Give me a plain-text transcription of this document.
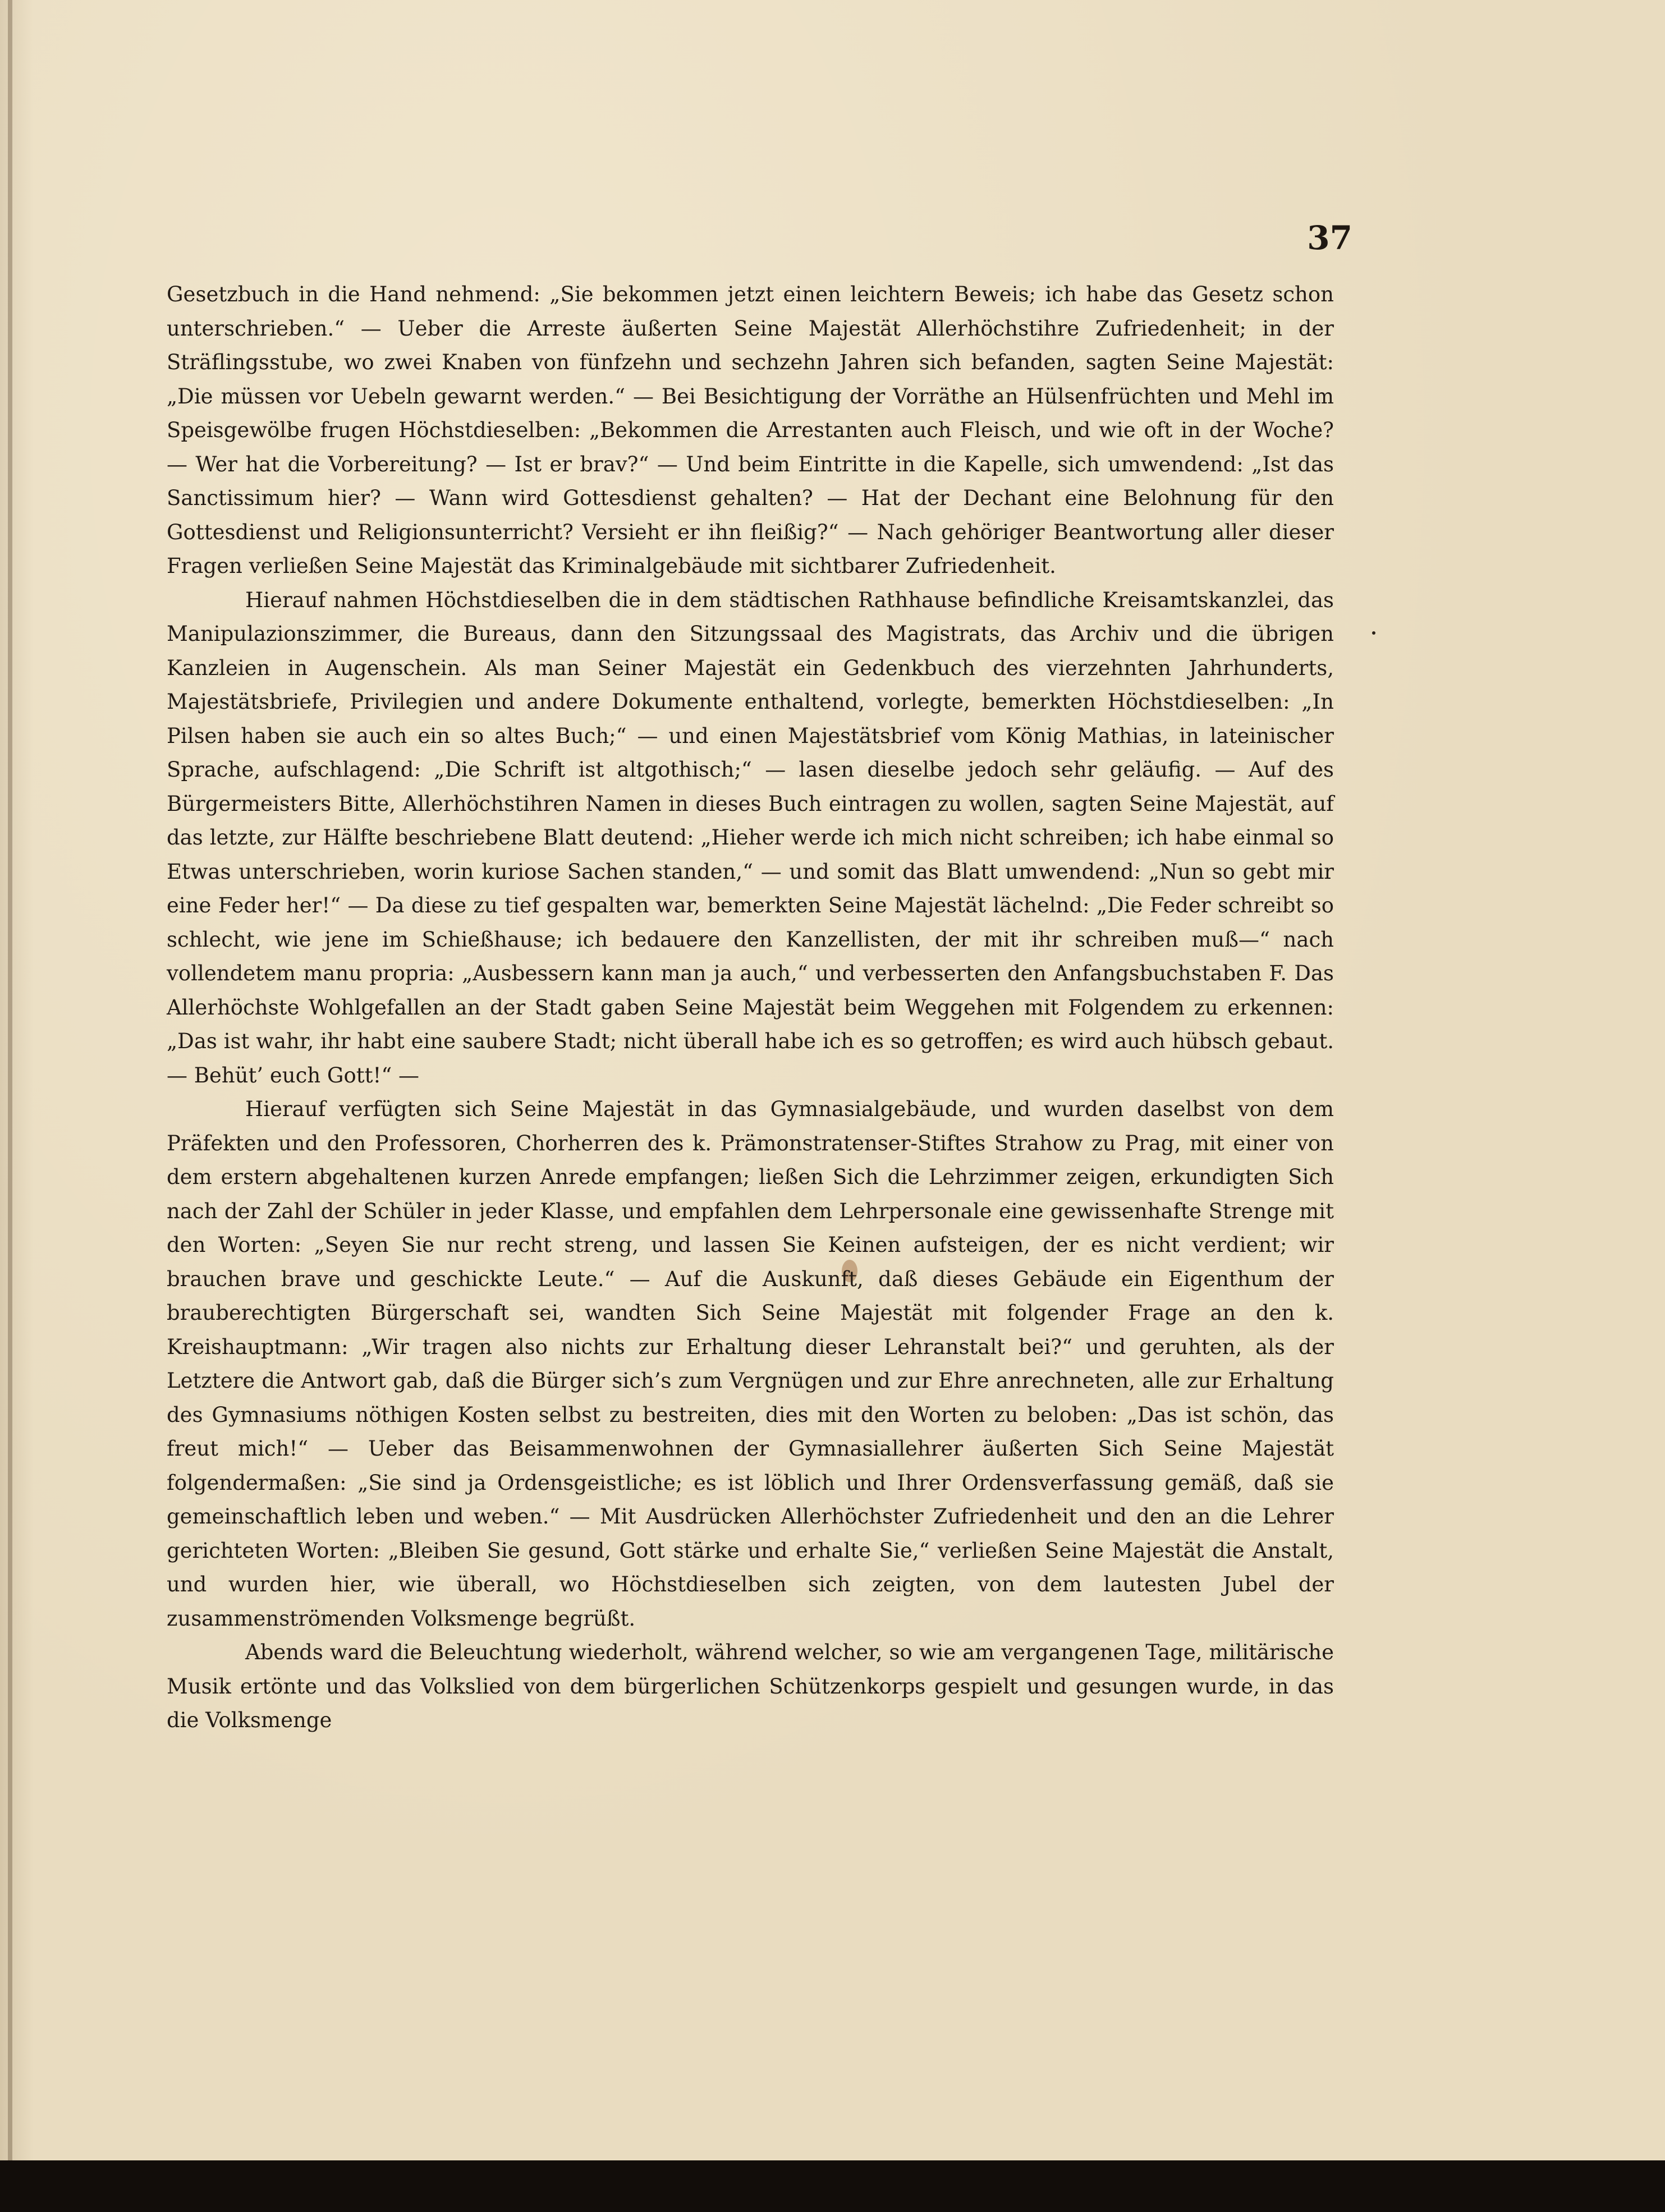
37

Gesetzbuch in die Hand nehmend: „Sie bekommen jetzt einen leichtern Beweis; ich habe das Gesetz schon unterschrieben.“ — Ueber die Arreste äußerten Seine Majestät Allerhöchstihre Zufriedenheit; in der Sträflingsstube, wo zwei Knaben von fünfzehn und sechzehn Jahren sich befanden, sagten Seine Majestät: „Die müssen vor Uebeln gewarnt werden.“ — Bei Besichtigung der Vorräthe an Hülsenfrüchten und Mehl im Speisgewölbe frugen Höchstdieselben: „Bekommen die Arrestanten auch Fleisch, und wie oft in der Woche? — Wer hat die Vorbereitung? — Ist er brav?“ — Und beim Eintritte in die Kapelle, sich umwendend: „Ist das Sanctissimum hier? — Wann wird Gottesdienst gehalten? — Hat der Dechant eine Belohnung für den Gottesdienst und Religionsunterricht? Versieht er ihn fleißig?“ — Nach gehöriger Beantwortung aller dieser Fragen verließen Seine Majestät das Kriminalgebäude mit sichtbarer Zufriedenheit.

Hierauf nahmen Höchstdieselben die in dem städtischen Rathhause befindliche Kreisamtskanzlei, das Manipulazionszimmer, die Bureaus, dann den Sitzungssaal des Magistrats, das Archiv und die übrigen Kanzleien in Augenschein. Als man Seiner Majestät ein Gedenkbuch des vierzehnten Jahrhunderts, Majestätsbriefe, Privilegien und andere Dokumente enthaltend, vorlegte, bemerkten Höchstdieselben: „In Pilsen haben sie auch ein so altes Buch;“ — und einen Majestätsbrief vom König Mathias, in lateinischer Sprache, aufschlagend: „Die Schrift ist altgothisch;“ — lasen dieselbe jedoch sehr geläufig. — Auf des Bürgermeisters Bitte, Allerhöchstihren Namen in dieses Buch eintragen zu wollen, sagten Seine Majestät, auf das letzte, zur Hälfte beschriebene Blatt deutend: „Hieher werde ich mich nicht schreiben; ich habe einmal so Etwas unterschrieben, worin kuriose Sachen standen,“ — und somit das Blatt umwendend: „Nun so gebt mir eine Feder her!“ — Da diese zu tief gespalten war, bemerkten Seine Majestät lächelnd: „Die Feder schreibt so schlecht, wie jene im Schießhause; ich bedauere den Kanzellisten, der mit ihr schreiben muß—“ nach vollendetem manu propria: „Ausbessern kann man ja auch,“ und verbesserten den Anfangsbuchstaben F. Das Allerhöchste Wohlgefallen an der Stadt gaben Seine Majestät beim Weggehen mit Folgendem zu erkennen: „Das ist wahr, ihr habt eine saubere Stadt; nicht überall habe ich es so getroffen; es wird auch hübsch gebaut. — Behüt’ euch Gott!“ —

Hierauf verfügten sich Seine Majestät in das Gymnasialgebäude, und wurden daselbst von dem Präfekten und den Professoren, Chorherren des k. Prämonstratenser-Stiftes Strahow zu Prag, mit einer von dem erstern abgehaltenen kurzen Anrede empfangen; ließen Sich die Lehrzimmer zeigen, erkundigten Sich nach der Zahl der Schüler in jeder Klasse, und empfahlen dem Lehrpersonale eine gewissenhafte Strenge mit den Worten: „Seyen Sie nur recht streng, und lassen Sie Keinen aufsteigen, der es nicht verdient; wir brauchen brave und geschickte Leute.“ — Auf die Auskunft, daß dieses Gebäude ein Eigenthum der brauberechtigten Bürgerschaft sei, wandten Sich Seine Majestät mit folgender Frage an den k. Kreishauptmann: „Wir tragen also nichts zur Erhaltung dieser Lehranstalt bei?“ und geruhten, als der Letztere die Antwort gab, daß die Bürger sich’s zum Vergnügen und zur Ehre anrechneten, alle zur Erhaltung des Gymnasiums nöthigen Kosten selbst zu bestreiten, dies mit den Worten zu beloben: „Das ist schön, das freut mich!“ — Ueber das Beisammenwohnen der Gymnasiallehrer äußerten Sich Seine Majestät folgendermaßen: „Sie sind ja Ordensgeistliche; es ist löblich und Ihrer Ordensverfassung gemäß, daß sie gemeinschaftlich leben und weben.“ — Mit Ausdrücken Allerhöchster Zufriedenheit und den an die Lehrer gerichteten Worten: „Bleiben Sie gesund, Gott stärke und erhalte Sie,“ verließen Seine Majestät die Anstalt, und wurden hier, wie überall, wo Höchstdieselben sich zeigten, von dem lautesten Jubel der zusammenströmenden Volksmenge begrüßt.

Abends ward die Beleuchtung wiederholt, während welcher, so wie am vergangenen Tage, militärische Musik ertönte und das Volkslied von dem bürgerlichen Schützenkorps gespielt und gesungen wurde, in das die Volksmenge
